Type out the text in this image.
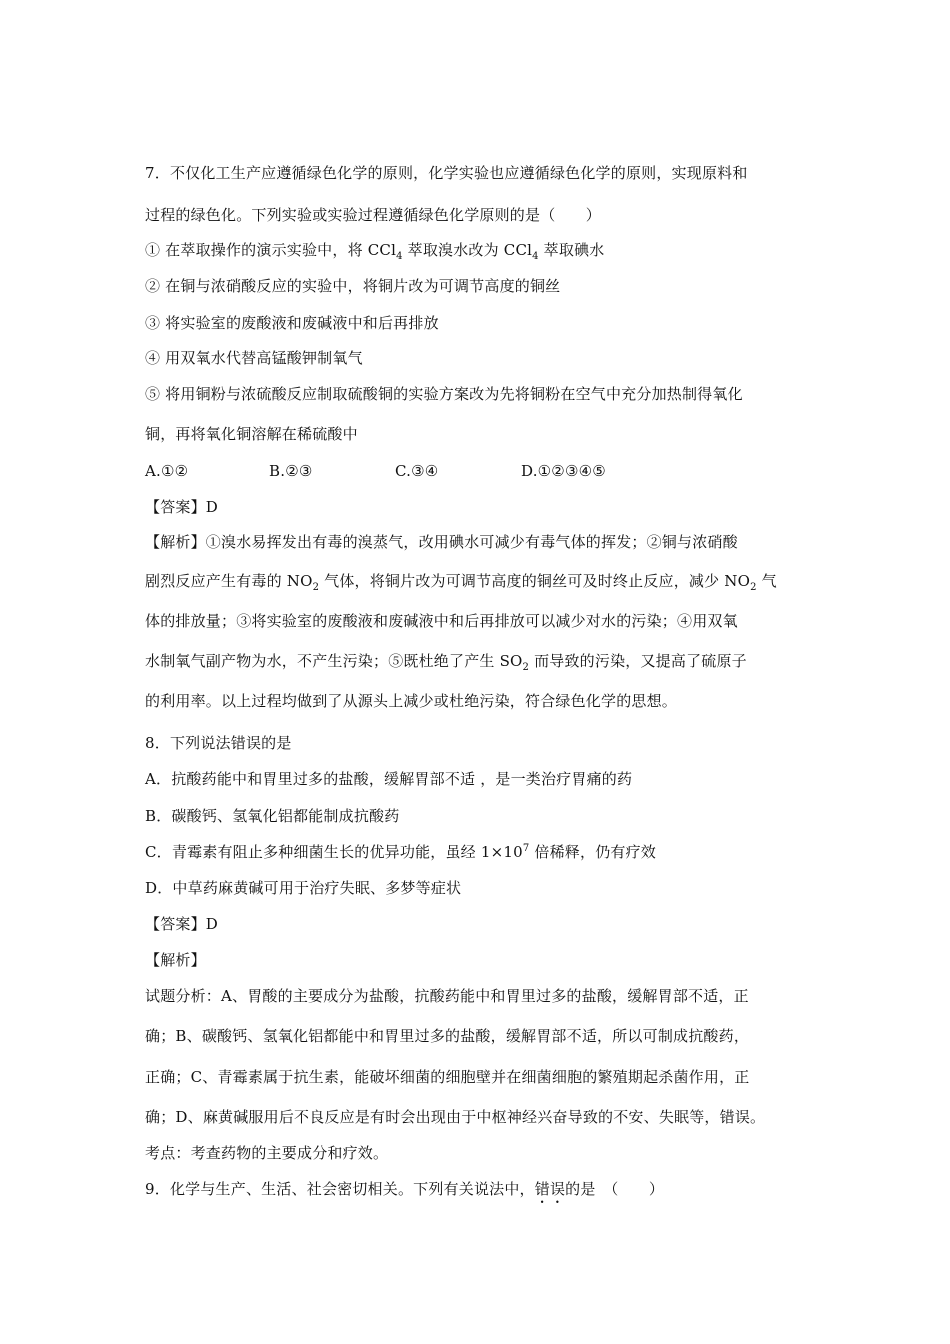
7．不仅化工生产应遵循绿色化学的原则，化学实验也应遵循绿色化学的原则，实现原料和
过程的绿色化。下列实验或实验过程遵循绿色化学原则的是（　　）
① 在萃取操作的演示实验中，将 CCl$_4$ 萃取溴水改为 CCl$_4$ 萃取碘水
② 在铜与浓硝酸反应的实验中，将铜片改为可调节高度的铜丝
③ 将实验室的废酸液和废碱液中和后再排放
④ 用双氧水代替高锰酸钾制氧气
⑤ 将用铜粉与浓硫酸反应制取硫酸铜的实验方案改为先将铜粉在空气中充分加热制得氧化
铜，再将氧化铜溶解在稀硫酸中
A.①②	B.②③	C.③④	D.①②③④⑤
【答案】D
【解析】①溴水易挥发出有毒的溴蒸气，改用碘水可减少有毒气体的挥发；②铜与浓硝酸
剧烈反应产生有毒的 $NO_2$ 气体，将铜片改为可调节高度的铜丝可及时终止反应，减少 $NO_2$ 气
体的排放量；③将实验室的废酸液和废碱液中和后再排放可以减少对水的污染；④用双氧
水制氧气副产物为水，不产生污染；⑤既杜绝了产生 $SO_2$ 而导致的污染，又提高了硫原子
的利用率。以上过程均做到了从源头上减少或杜绝污染，符合绿色化学的思想。
8．下列说法错误的是
A．抗酸药能中和胃里过多的盐酸，缓解胃部不适 ，是一类治疗胃痛的药
B．碳酸钙、氢氧化铝都能制成抗酸药
C．青霉素有阻止多种细菌生长的优异功能，虽经 $1\times 10^7$ 倍稀释，仍有疗效
D．中草药麻黄碱可用于治疗失眠、多梦等症状
【答案】D
【解析】
试题分析：A、胃酸的主要成分为盐酸，抗酸药能中和胃里过多的盐酸，缓解胃部不适，正
确；B、碳酸钙、氢氧化铝都能中和胃里过多的盐酸，缓解胃部不适，所以可制成抗酸药，
正确；C、青霉素属于抗生素，能破坏细菌的细胞壁并在细菌细胞的繁殖期起杀菌作用，正
确；D、麻黄碱服用后不良反应是有时会出现由于中枢神经兴奋导致的不安、失眠等，错误。
考点：考查药物的主要成分和疗效。
9．化学与生产、生活、社会密切相关。下列有关说法中，错误的是　（　　）
